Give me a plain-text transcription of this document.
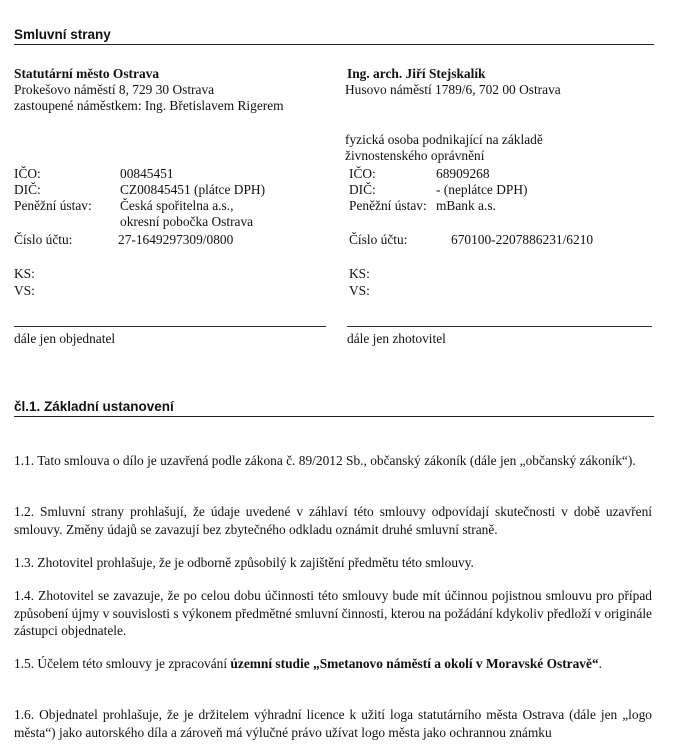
Smluvní strany
Statutární město Ostrava
Prokešovo náměstí 8, 729 30 Ostrava
zastoupené náměstkem: Ing. Břetislavem Rigerem
IČO:	00845451
DIČ:	CZ00845451 (plátce DPH)
Peněžní ústav: Česká spořitelna a.s.,
okresní pobočka Ostrava
Číslo účtu:	27-1649297309/0800
KS:
VS:
dále jen objednatel
Ing. arch. Jiří Stejskalík
Husovo náměstí 1789/6, 702 00 Ostrava
fyzická osoba podnikající na základě
živnostenského oprávnění
IČO:	68909268
DIČ:	- (neplátce DPH)
Peněžní ústav: mBank a.s.
Číslo účtu:	670100-2207886231/6210
KS:
VS:
dále jen zhotovitel
čl.1. Základní ustanovení
1.1. Tato smlouva o dílo je uzavřená podle zákona č. 89/2012 Sb., občanský zákoník (dále jen „občanský zákoník“).
1.2. Smluvní strany prohlašují, že údaje uvedené v záhlaví této smlouvy odpovídají skutečnosti v době uzavření smlouvy. Změny údajů se zavazují bez zbytečného odkladu oznámit druhé smluvní straně.
1.3. Zhotovitel prohlašuje, že je odborně způsobilý k zajištění předmětu této smlouvy.
1.4. Zhotovitel se zavazuje, že po celou dobu účinnosti této smlouvy bude mít účinnou pojistnou smlouvu pro případ způsobení újmy v souvislosti s výkonem předmětné smluvní činnosti, kterou na požádání kdykoliv předloží v originále zástupci objednatele.
1.5. Účelem této smlouvy je zpracování územní studie „Smetanovo náměstí a okolí v Moravské Ostravě“.
1.6. Objednatel prohlašuje, že je držitelem výhradní licence k užití loga statutárního města Ostrava (dále jen „logo města“) jako autorského díla a zároveň má výlučné právo užívat logo města jako ochrannou známku
